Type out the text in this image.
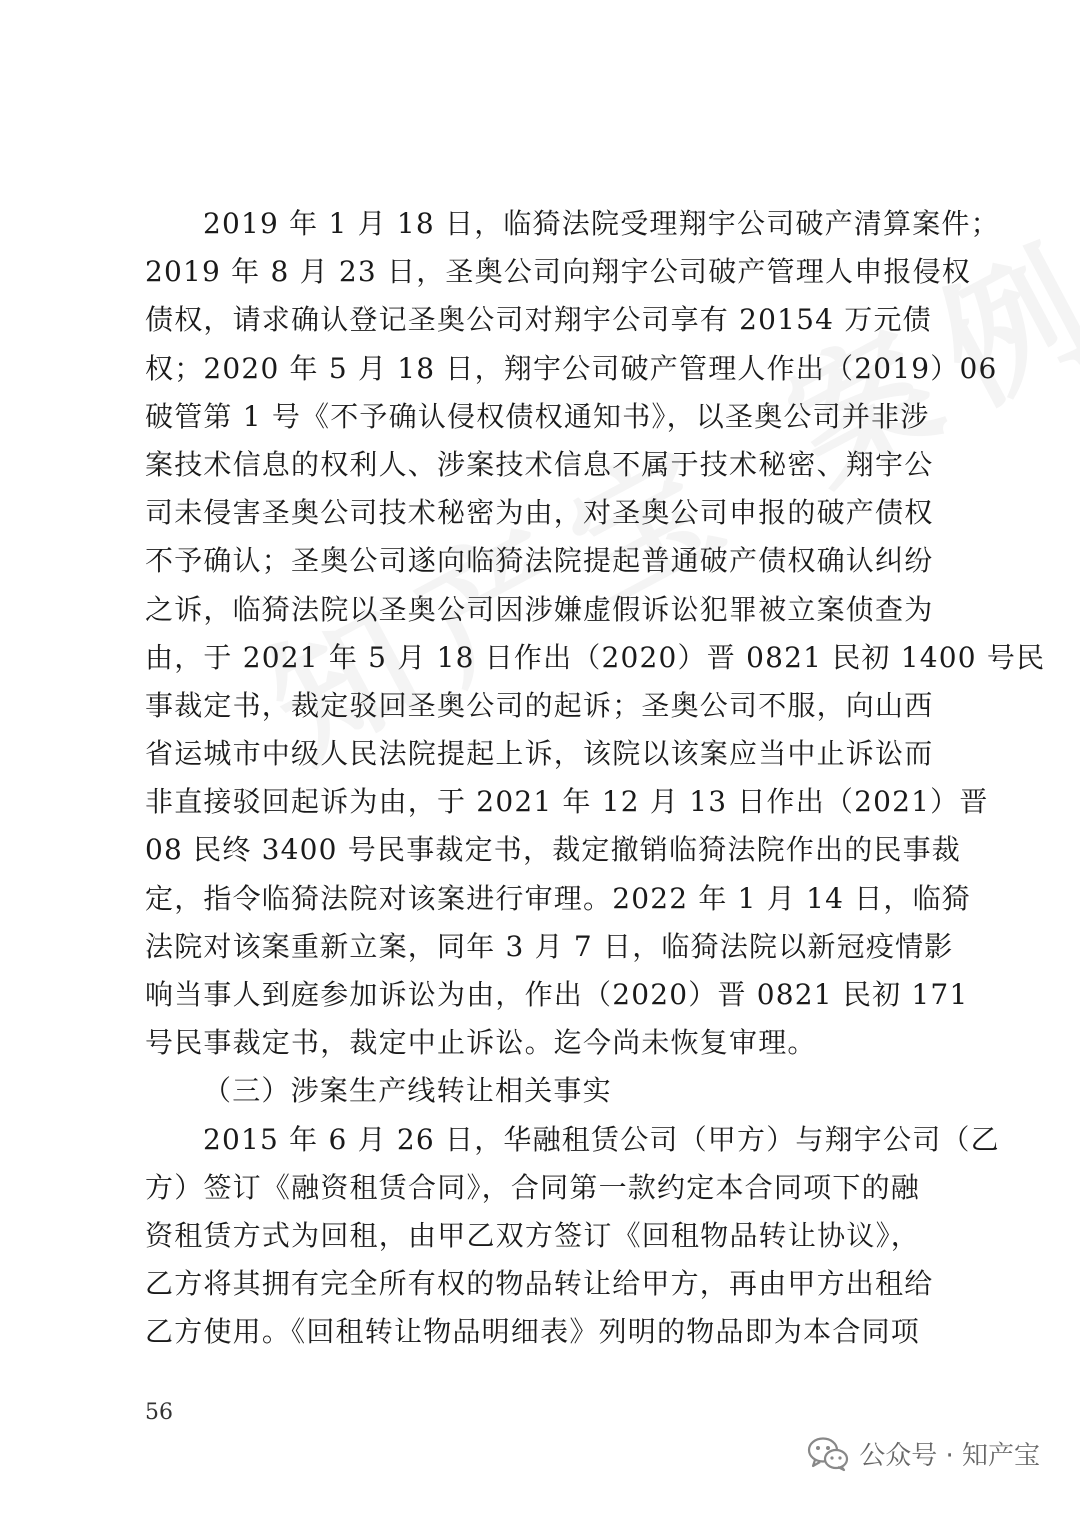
2019 年 1 月 18 日，临猗法院受理翔宇公司破产清算案件；
2019 年 8 月 23 日，圣奥公司向翔宇公司破产管理人申报侵权
债权，请求确认登记圣奥公司对翔宇公司享有 20154 万元债
权；2020 年 5 月 18 日，翔宇公司破产管理人作出（2019）06
破管第 1 号《不予确认侵权债权通知书》，以圣奥公司并非涉
案技术信息的权利人、涉案技术信息不属于技术秘密、翔宇公
司未侵害圣奥公司技术秘密为由，对圣奥公司申报的破产债权
不予确认；圣奥公司遂向临猗法院提起普通破产债权确认纠纷
之诉，临猗法院以圣奥公司因涉嫌虚假诉讼犯罪被立案侦查为
由，于 2021 年 5 月 18 日作出（2020）晋 0821 民初 1400 号民
事裁定书，裁定驳回圣奥公司的起诉；圣奥公司不服，向山西
省运城市中级人民法院提起上诉，该院以该案应当中止诉讼而
非直接驳回起诉为由，于 2021 年 12 月 13 日作出（2021）晋
08 民终 3400 号民事裁定书，裁定撤销临猗法院作出的民事裁
定，指令临猗法院对该案进行审理。2022 年 1 月 14 日，临猗
法院对该案重新立案，同年 3 月 7 日，临猗法院以新冠疫情影
响当事人到庭参加诉讼为由，作出（2020）晋 0821 民初 171
号民事裁定书，裁定中止诉讼。迄今尚未恢复审理。
（三）涉案生产线转让相关事实
2015 年 6 月 26 日，华融租赁公司（甲方）与翔宇公司（乙
方）签订《融资租赁合同》，合同第一款约定本合同项下的融
资租赁方式为回租，由甲乙双方签订《回租物品转让协议》，
乙方将其拥有完全所有权的物品转让给甲方，再由甲方出租给
乙方使用。《回租转让物品明细表》列明的物品即为本合同项
56
公众号 · 知产宝
